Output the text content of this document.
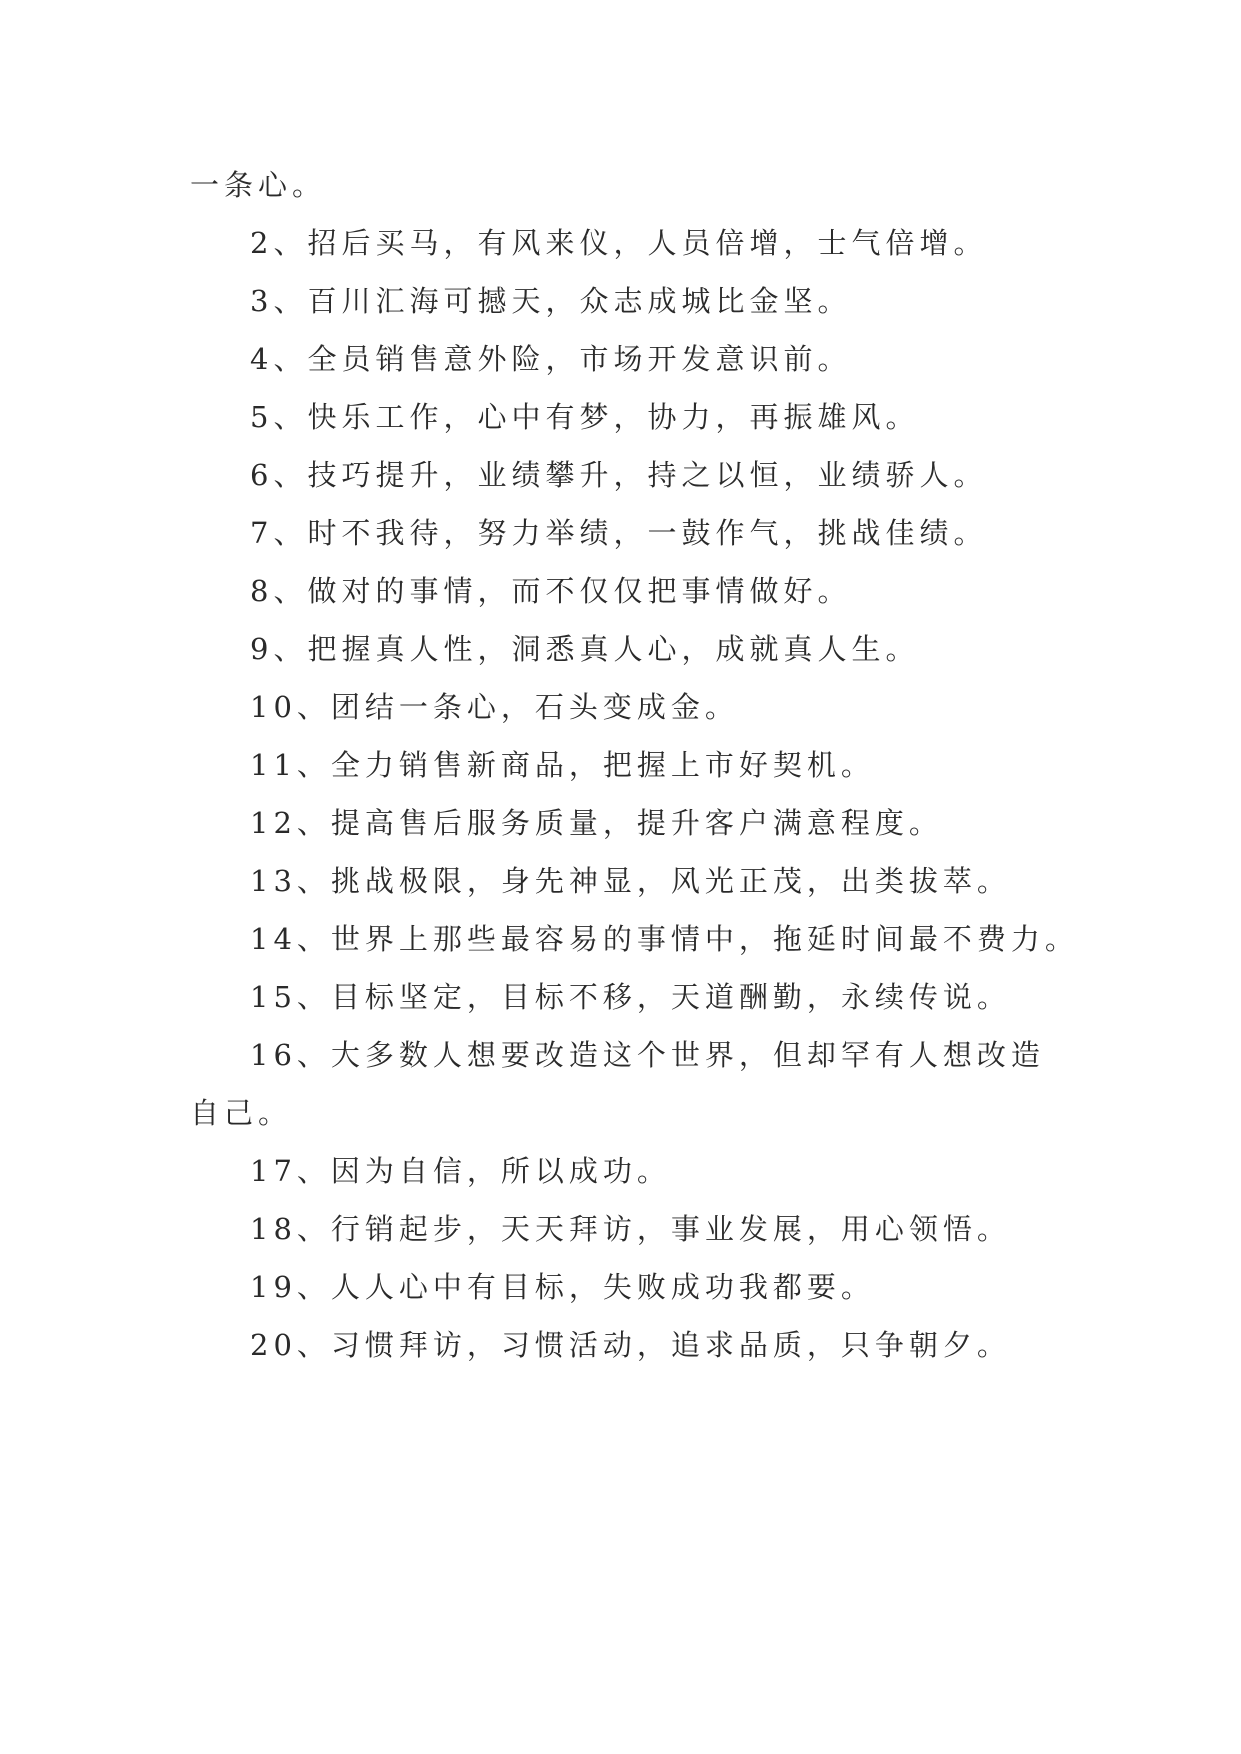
一条心。

2、招后买马，有风来仪，人员倍增，士气倍增。

3、百川汇海可撼天，众志成城比金坚。

4、全员销售意外险，市场开发意识前。

5、快乐工作，心中有梦，协力，再振雄风。

6、技巧提升，业绩攀升，持之以恒，业绩骄人。

7、时不我待，努力举绩，一鼓作气，挑战佳绩。

8、做对的事情，而不仅仅把事情做好。

9、把握真人性，洞悉真人心，成就真人生。

10、团结一条心，石头变成金。

11、全力销售新商品，把握上市好契机。

12、提高售后服务质量，提升客户满意程度。

13、挑战极限，身先神显，风光正茂，出类拔萃。

14、世界上那些最容易的事情中，拖延时间最不费力。

15、目标坚定，目标不移，天道酬勤，永续传说。

16、大多数人想要改造这个世界，但却罕有人想改造自己。

17、因为自信，所以成功。

18、行销起步，天天拜访，事业发展，用心领悟。

19、人人心中有目标，失败成功我都要。

20、习惯拜访，习惯活动，追求品质，只争朝夕。
